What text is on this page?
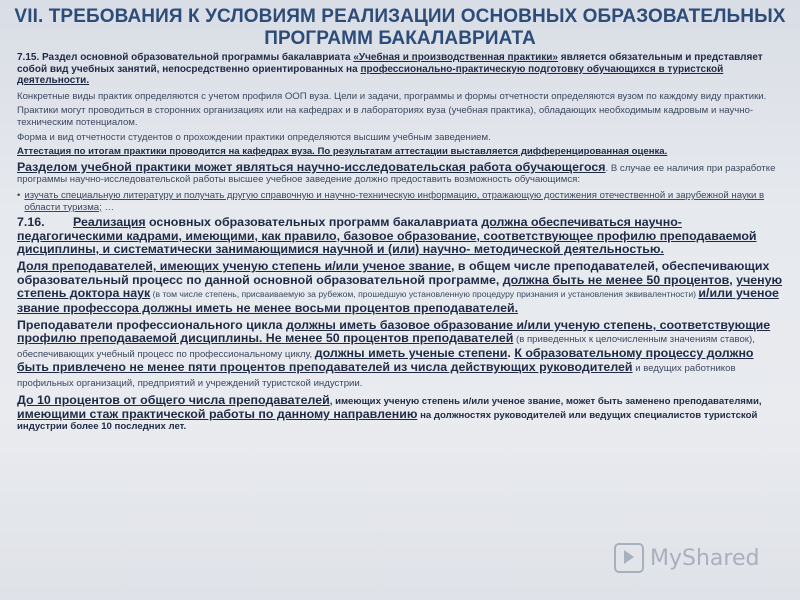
VII. ТРЕБОВАНИЯ К УСЛОВИЯМ РЕАЛИЗАЦИИ ОСНОВНЫХ ОБРАЗОВАТЕЛЬНЫХ
ПРОГРАММ БАКАЛАВРИАТА

7.15. Раздел основной образовательной программы бакалавриата «Учебная и производственная практики» является обязательным и представляет собой вид учебных занятий, непосредственно ориентированных на профессионально-практическую подготовку обучающихся в туристской деятельности.

Конкретные виды практик определяются с учетом профиля ООП вуза. Цели и задачи, программы и формы отчетности определяются вузом по каждому виду практики.

Практики могут проводиться в сторонних организациях или на кафедрах и в лабораториях вуза (учебная практика), обладающих необходимым кадровым и научно-техническим потенциалом.

Форма и вид отчетности студентов о прохождении практики определяются высшим учебным заведением.

Аттестация по итогам практики проводится на кафедрах вуза. По результатам аттестации выставляется дифференцированная оценка.

Разделом учебной практики может являться научно-исследовательская работа обучающегося. В случае ее наличия при разработке программы научно-исследовательской работы высшее учебное заведение должно предоставить возможность обучающимся:

• изучать специальную литературу и получать другую справочную и научно-техническую информацию, отражающую достижения отечественной и зарубежной науки в области туризма; …

7.16. Реализация основных образовательных программ бакалавриата должна обеспечиваться научно-педагогическими кадрами, имеющими, как правило, базовое образование, соответствующее профилю преподаваемой дисциплины, и систематически занимающимися научной и (или) научно- методической деятельностью.

Доля преподавателей, имеющих ученую степень и/или ученое звание, в общем числе преподавателей, обеспечивающих образовательный процесс по данной основной образовательной программе, должна быть не менее 50 процентов, ученую степень доктора наук (в том числе степень, присваиваемую за рубежом, прошедшую установленную процедуру признания и установления эквивалентности) и/или ученое звание профессора должны иметь не менее восьми процентов преподавателей.

Преподаватели профессионального цикла должны иметь базовое образование и/или ученую степень, соответствующие профилю преподаваемой дисциплины. Не менее 50 процентов преподавателей (в приведенных к целочисленным значениям ставок), обеспечивающих учебный процесс по профессиональному циклу, должны иметь ученые степени. К образовательному процессу должно быть привлечено не менее пяти процентов преподавателей из числа действующих руководителей и ведущих работников профильных организаций, предприятий и учреждений туристской индустрии.

До 10 процентов от общего числа преподавателей, имеющих ученую степень и/или ученое звание, может быть заменено преподавателями, имеющими стаж практической работы по данному направлению на должностях руководителей или ведущих специалистов туристской индустрии более 10 последних лет.

MyShared
